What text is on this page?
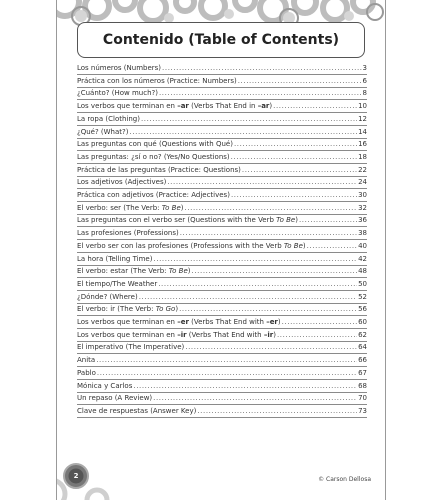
Contenido (Table of Contents)
Los números (Numbers) .....	3
Práctica con los números (Practice: Numbers) .....	6
¿Cuánto? (How much?) .....	8
Los verbos que terminan en –ar (Verbs That End in –ar) .....	10
La ropa (Clothing) .....	12
¿Qué? (What?) .....	14
Las preguntas con qué (Questions with Qué) .....	16
Las preguntas: ¿sí o no? (Yes/No Questions) .....	18
Práctica de las preguntas (Practice: Questions) .....	22
Los adjetivos (Adjectives) .....	24
Práctica con adjetivos (Practice: Adjectives) .....	30
El verbo: ser (The Verb: To Be) .....	32
Las preguntas con el verbo ser (Questions with the Verb To Be) .....	36
Las profesiones (Professions) .....	38
El verbo ser con las profesiones (Professions with the Verb To Be) .....	40
La hora (Telling Time) .....	42
El verbo: estar (The Verb: To Be) .....	48
El tiempo/The Weather .....	50
¿Dónde? (Where) .....	52
El verbo: ir (The Verb: To Go) .....	56
Los verbos que terminan en –er (Verbs That End with –er) .....	60
Los verbos que terminan en –ir (Verbs That End with –ir) .....	62
El imperativo (The Imperative) .....	64
Anita .....	66
Pablo .....	67
Mónica y Carlos .....	68
Un repaso (A Review) .....	70
Clave de respuestas (Answer Key) .....	73
2	© Carson Dellosa
